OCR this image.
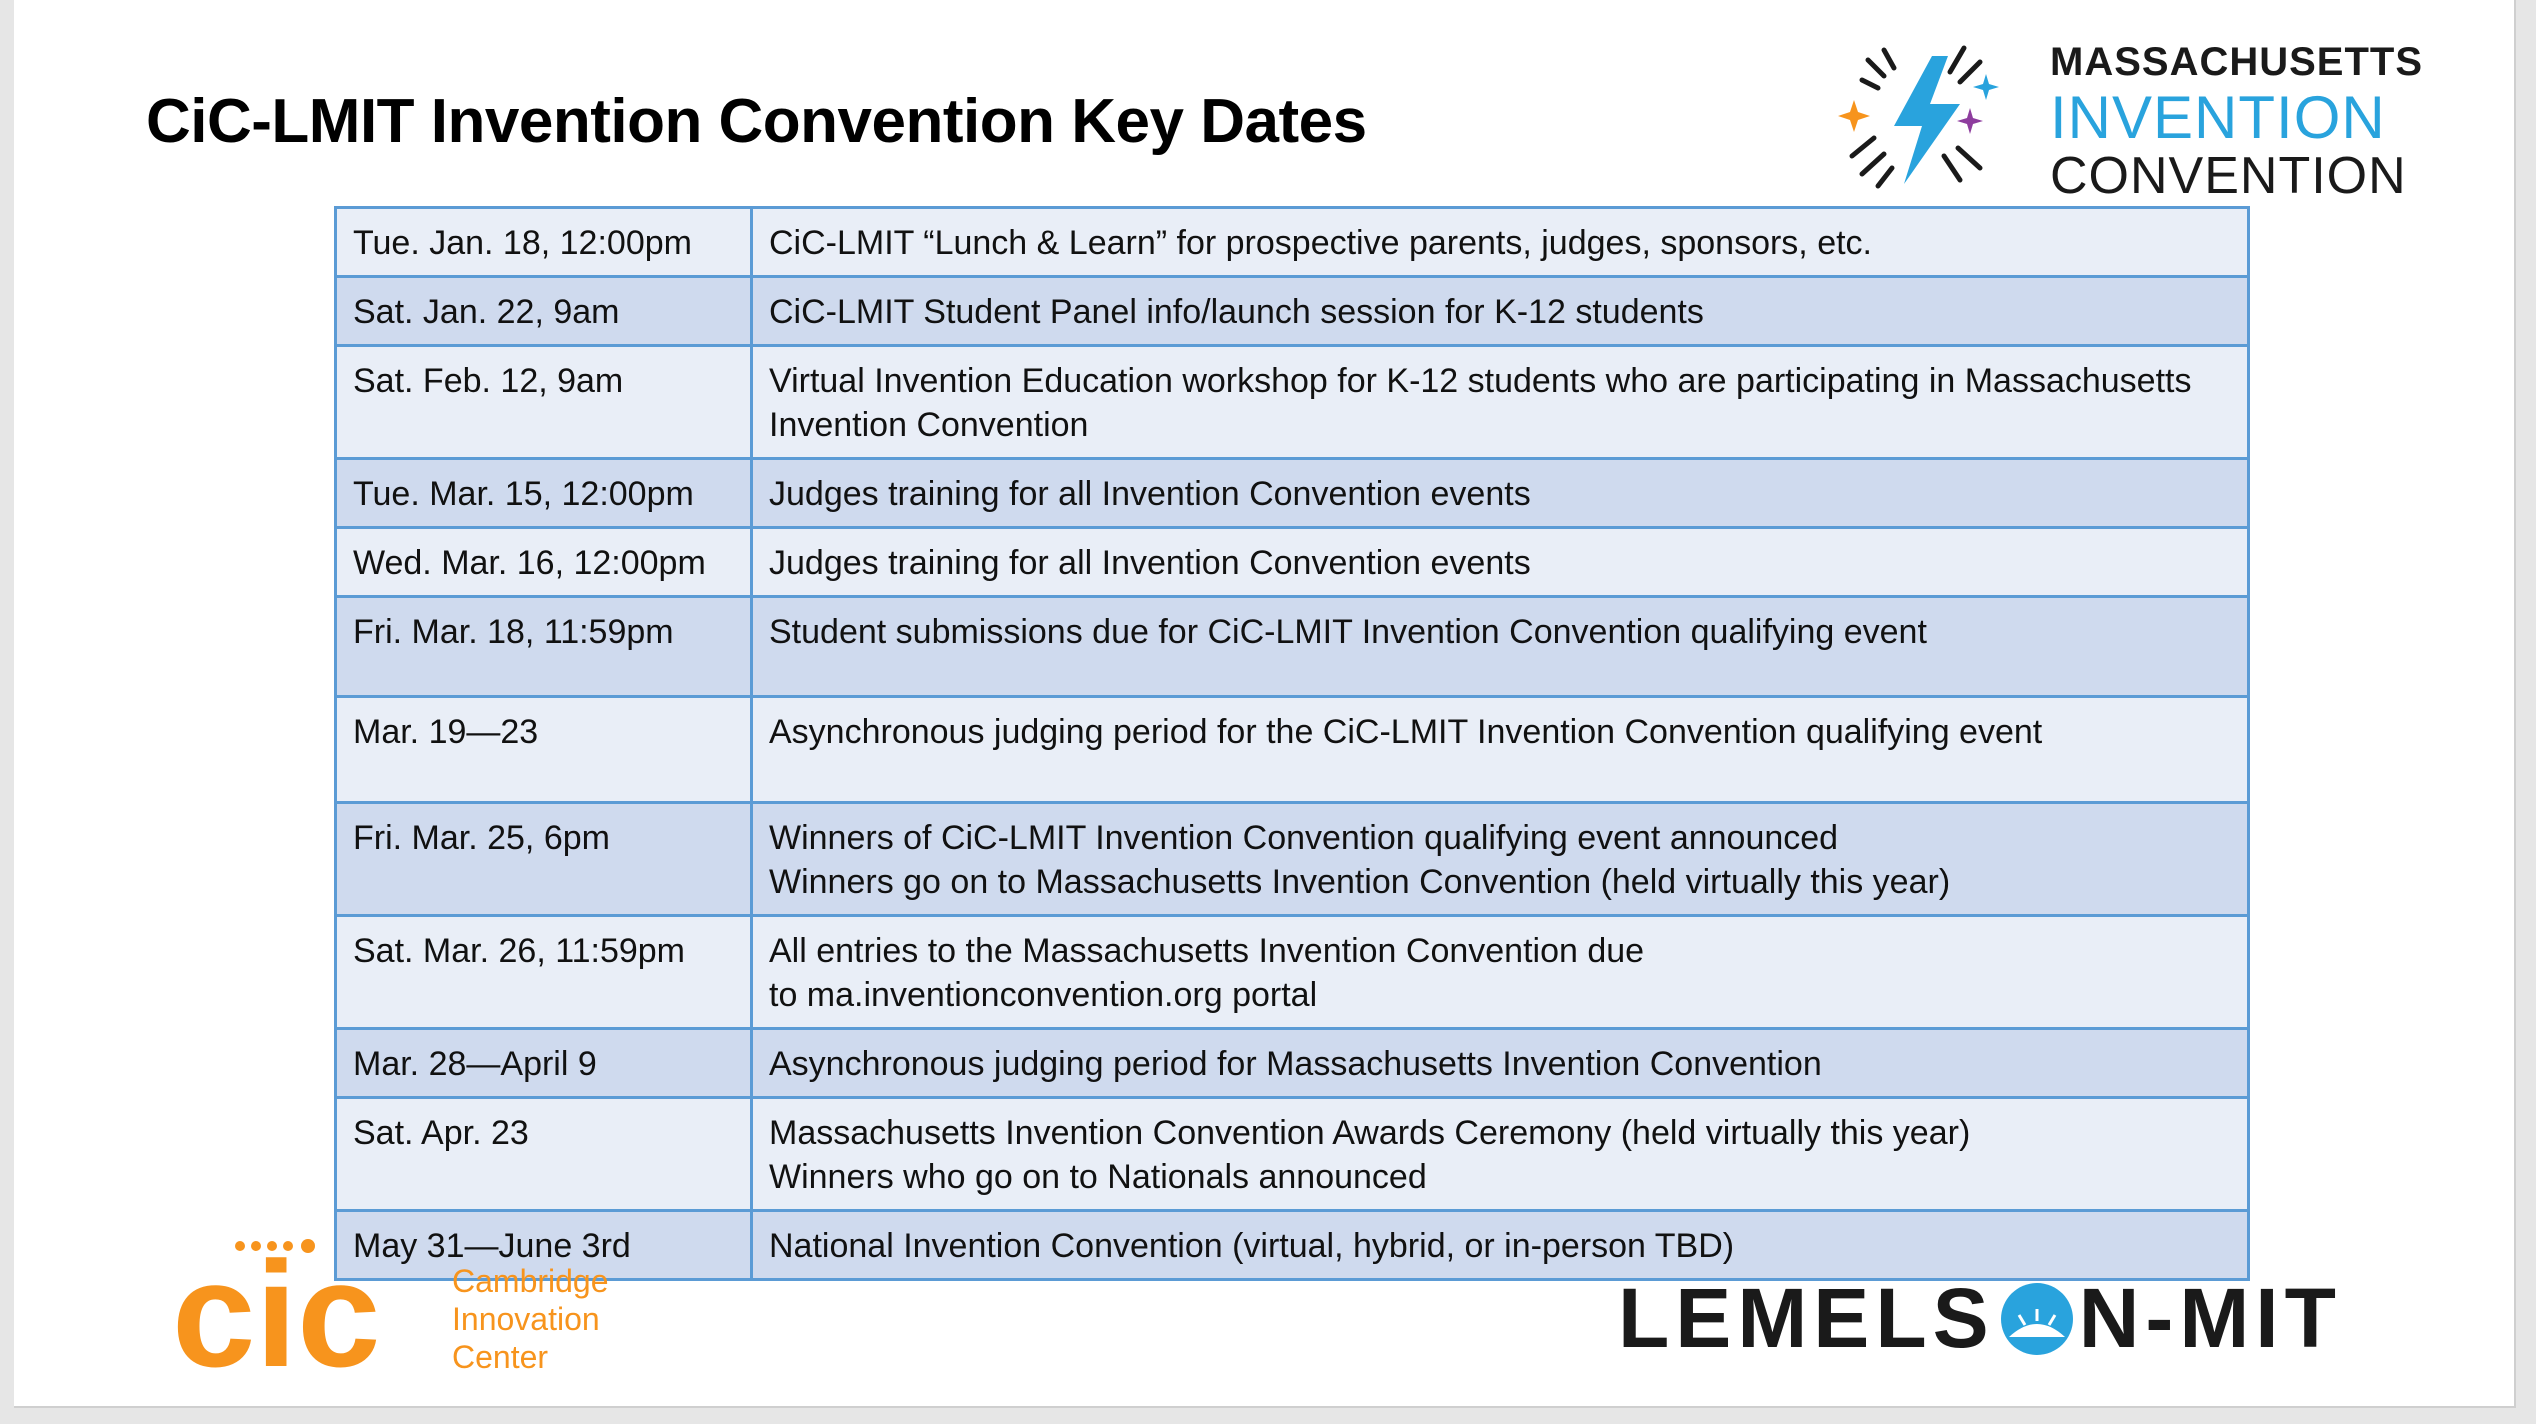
CiC-LMIT Invention Convention Key Dates
MASSACHUSETTS
INVENTION
CONVENTION
Tue. Jan. 18, 12:00pm	CiC-LMIT “Lunch & Learn” for prospective parents, judges, sponsors, etc.

Sat. Jan. 22, 9am	CiC-LMIT Student Panel info/launch session for K-12 students

Sat. Feb. 12, 9am	Virtual Invention Education workshop for K-12 students who are participating in Massachusetts
Invention Convention

Tue. Mar. 15, 12:00pm	Judges training for all Invention Convention events

Wed. Mar. 16, 12:00pm	Judges training for all Invention Convention events

Fri. Mar. 18, 11:59pm	Student submissions due for CiC-LMIT Invention Convention qualifying event

Mar. 19—23	Asynchronous judging period for the CiC-LMIT Invention Convention qualifying event

Fri. Mar. 25, 6pm	Winners of CiC-LMIT Invention Convention qualifying event announced
Winners go on to Massachusetts Invention Convention (held virtually this year)

Sat. Mar. 26, 11:59pm	All entries to the Massachusetts Invention Convention due
to ma.inventionconvention.org portal

Mar. 28—April 9	Asynchronous judging period for Massachusetts Invention Convention

Sat. Apr. 23	Massachusetts Invention Convention Awards Ceremony (held virtually this year)
Winners who go on to Nationals announced

May 31—June 3rd	National Invention Convention (virtual, hybrid, or in-person TBD)
cic Cambridge
Innovation
Center	LEMELS N-MIT
